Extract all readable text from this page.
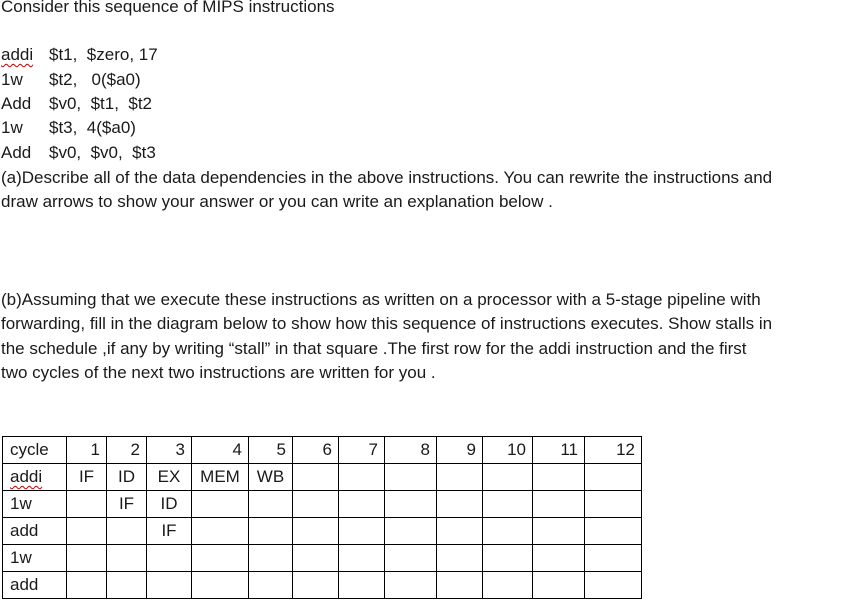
Consider this sequence of MIPS instructions
addi $t1,  $zero, 17
1w $t2,   0($a0)
Add $v0,  $t1,  $t2
1w $t3,  4($a0)
Add $v0,  $v0,  $t3
(a)Describe all of the data dependencies in the above instructions. You can rewrite the instructions and
draw arrows to show your answer or you can write an explanation below .
(b)Assuming that we execute these instructions as written on a processor with a 5-stage pipeline with
forwarding, fill in the diagram below to show how this sequence of instructions executes. Show stalls in
the schedule ,if any by writing “stall” in that square .The first row for the addi instruction and the first
two cycles of the next two instructions are written for you .
cycle	1	2	3	4	5	6	7	8	9	10	11	12
addi	IF	ID	EX	MEM	WB							
1w		IF	ID									
add			IF									
1w												
add												
